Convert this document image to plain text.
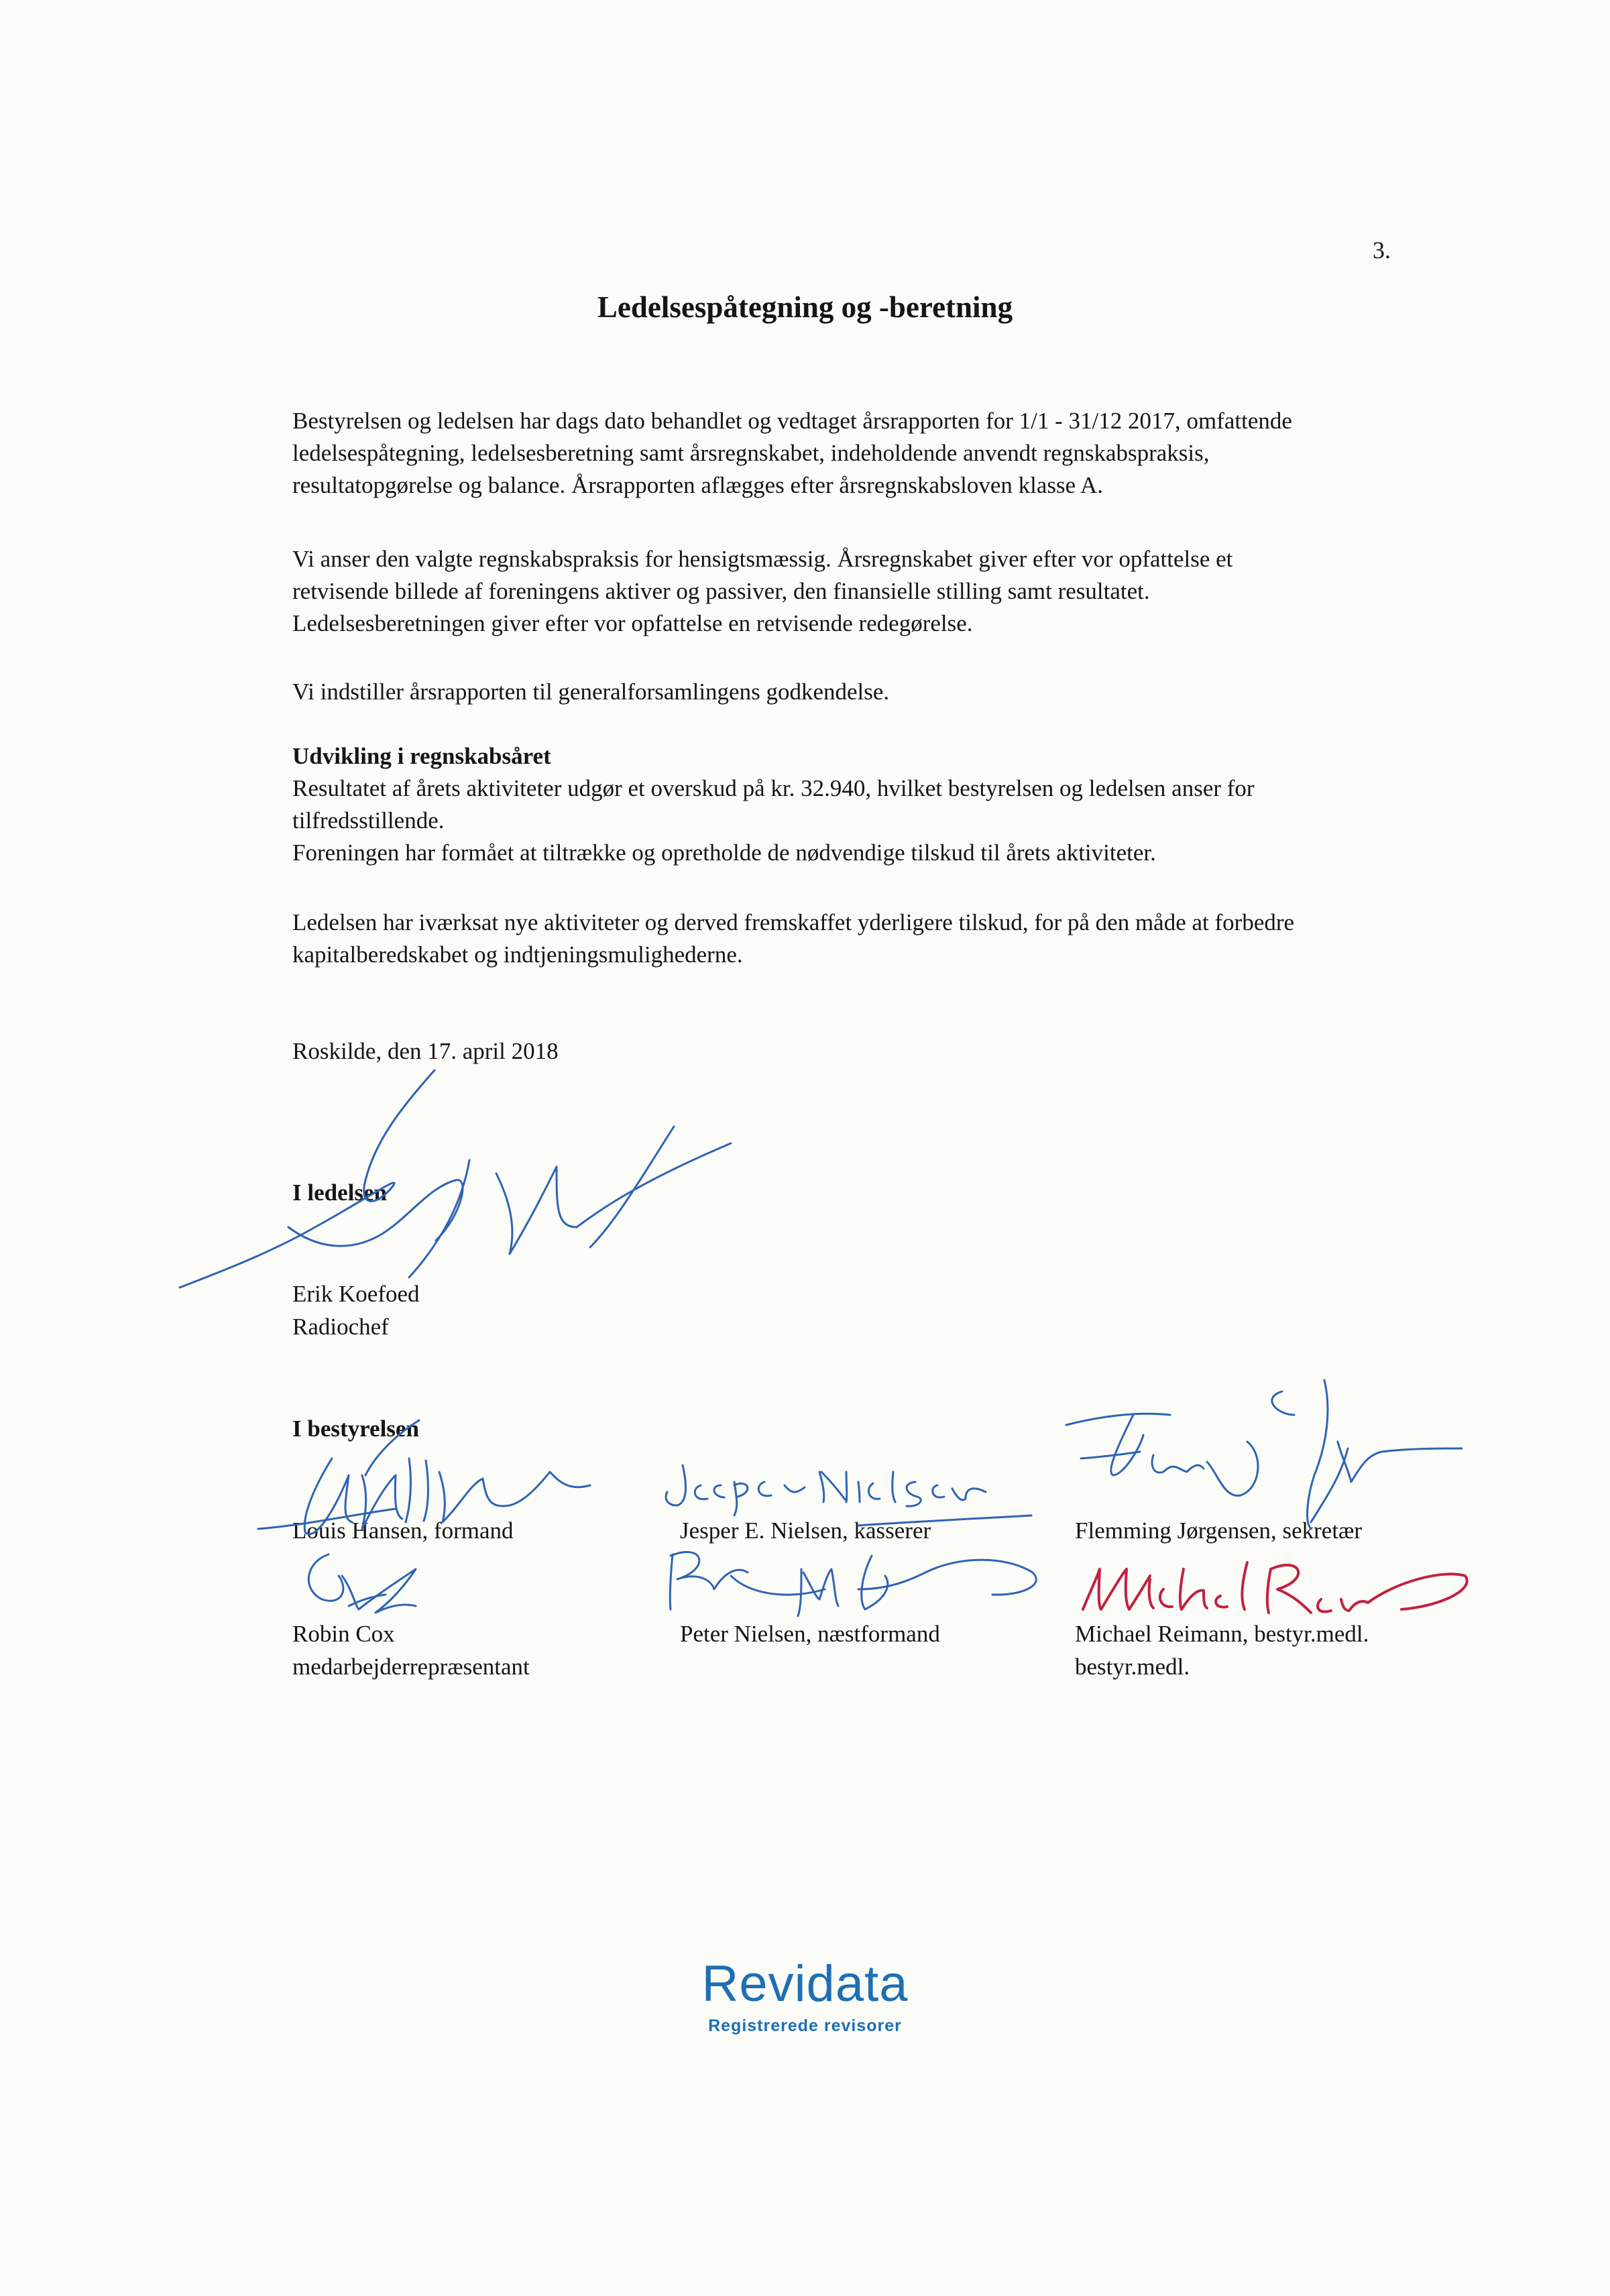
3.
Ledelsespåtegning og -beretning
Bestyrelsen og ledelsen har dags dato behandlet og vedtaget årsrapporten for 1/1 - 31/12 2017, omfattende
ledelsespåtegning, ledelsesberetning samt årsregnskabet, indeholdende anvendt regnskabspraksis,
resultatopgørelse og balance. Årsrapporten aflægges efter årsregnskabsloven klasse A.
Vi anser den valgte regnskabspraksis for hensigtsmæssig. Årsregnskabet giver efter vor opfattelse et
retvisende billede af foreningens aktiver og passiver, den finansielle stilling samt resultatet.
Ledelsesberetningen giver efter vor opfattelse en retvisende redegørelse.
Vi indstiller årsrapporten til generalforsamlingens godkendelse.
Udvikling i regnskabsåret
Resultatet af årets aktiviteter udgør et overskud på kr. 32.940, hvilket bestyrelsen og ledelsen anser for
tilfredsstillende.
Foreningen har formået at tiltrække og opretholde de nødvendige tilskud til årets aktiviteter.
Ledelsen har iværksat nye aktiviteter og derved fremskaffet yderligere tilskud, for på den måde at forbedre
kapitalberedskabet og indtjeningsmulighederne.
Roskilde, den 17. april 2018
I ledelsen
Erik Koefoed
Radiochef
I bestyrelsen
Louis Hansen, formand	Jesper E. Nielsen, kasserer	Flemming Jørgensen, sekretær
Robin Cox
medarbejderrepræsentant
Peter Nielsen, næstformand	Michael Reimann, bestyr.medl.
bestyr.medl.
Revidata
Registrerede revisorer
